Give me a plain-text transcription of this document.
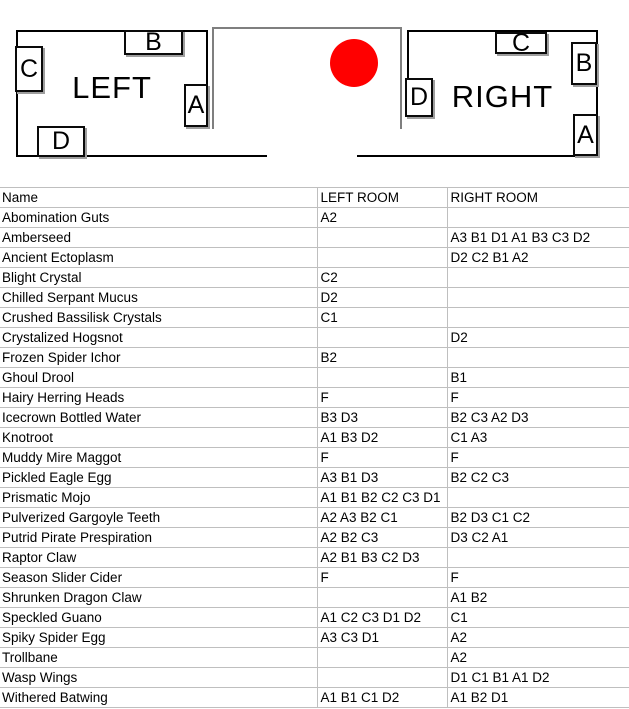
LEFT
C
B
A
D
RIGHT
C
B
D
A
Name	LEFT ROOM	RIGHT ROOM
Abomination Guts	A2	
Amberseed		A3 B1 D1 A1 B3 C3 D2
Ancient Ectoplasm		D2 C2 B1 A2
Blight Crystal	C2	
Chilled Serpant Mucus	D2	
Crushed Bassilisk Crystals	C1	
Crystalized Hogsnot		D2
Frozen Spider Ichor	B2	
Ghoul Drool		B1
Hairy Herring Heads	F	F
Icecrown Bottled Water	B3 D3	B2 C3 A2 D3
Knotroot	A1 B3 D2	C1 A3
Muddy Mire Maggot	F	F
Pickled Eagle Egg	A3 B1 D3	B2 C2 C3
Prismatic Mojo	A1 B1 B2 C2 C3 D1	
Pulverized Gargoyle Teeth	A2 A3 B2 C1	B2 D3 C1 C2
Putrid Pirate Prespiration	A2 B2 C3	D3 C2 A1
Raptor Claw	A2 B1 B3 C2 D3	
Season Slider Cider	F	F
Shrunken Dragon Claw		A1 B2
Speckled Guano	A1 C2 C3 D1 D2	C1
Spiky Spider Egg	A3 C3 D1	A2
Trollbane		A2
Wasp Wings		D1 C1 B1 A1 D2
Withered Batwing	A1 B1 C1 D2	A1 B2 D1
